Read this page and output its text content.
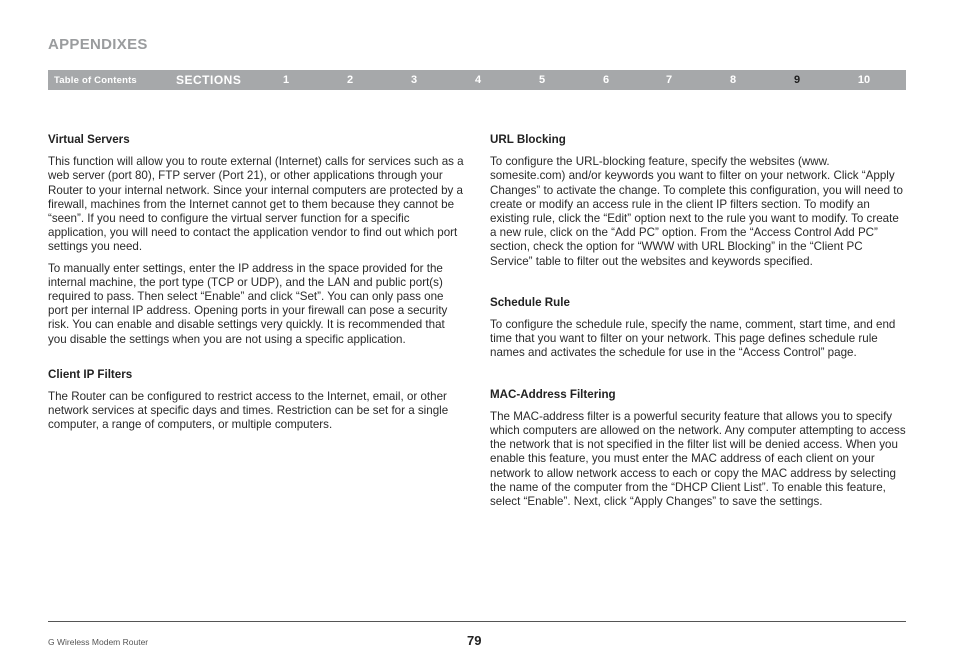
APPENDIXES
Table of Contents	SECTIONS	1	2	3	4	5	6	7	8	9	10
Virtual Servers

This function will allow you to route external (Internet) calls for services such as a web server (port 80), FTP server (Port 21), or other applications through your Router to your internal network. Since your internal computers are protected by a firewall, machines from the Internet cannot get to them because they cannot be “seen”. If you need to configure the virtual server function for a specific application, you will need to contact the application vendor to find out which port settings you need.

To manually enter settings, enter the IP address in the space provided for the internal machine, the port type (TCP or UDP), and the LAN and public port(s) required to pass. Then select “Enable” and click “Set”. You can only pass one port per internal IP address. Opening ports in your firewall can pose a security risk. You can enable and disable settings very quickly. It is recommended that you disable the settings when you are not using a specific application.

Client IP Filters

The Router can be configured to restrict access to the Internet, email, or other network services at specific days and times. Restriction can be set for a single computer, a range of computers, or multiple computers.

URL Blocking

To configure the URL-blocking feature, specify the websites (www. somesite.com) and/or keywords you want to filter on your network. Click “Apply Changes” to activate the change. To complete this configuration, you will need to create or modify an access rule in the client IP filters section. To modify an existing rule, click the “Edit” option next to the rule you want to modify. To create a new rule, click on the “Add PC” option. From the “Access Control Add PC” section, check the option for “WWW with URL Blocking” in the “Client PC Service” table to filter out the websites and keywords specified.

Schedule Rule

To configure the schedule rule, specify the name, comment, start time, and end time that you want to filter on your network. This page defines schedule rule names and activates the schedule for use in the “Access Control” page.

MAC-Address Filtering

The MAC-address filter is a powerful security feature that allows you to specify which computers are allowed on the network. Any computer attempting to access the network that is not specified in the filter list will be denied access. When you enable this feature, you must enter the MAC address of each client on your network to allow network access to each or copy the MAC address by selecting the name of the computer from the “DHCP Client List”. To enable this feature, select “Enable”. Next, click “Apply Changes” to save the settings.

G Wireless Modem Router	79
